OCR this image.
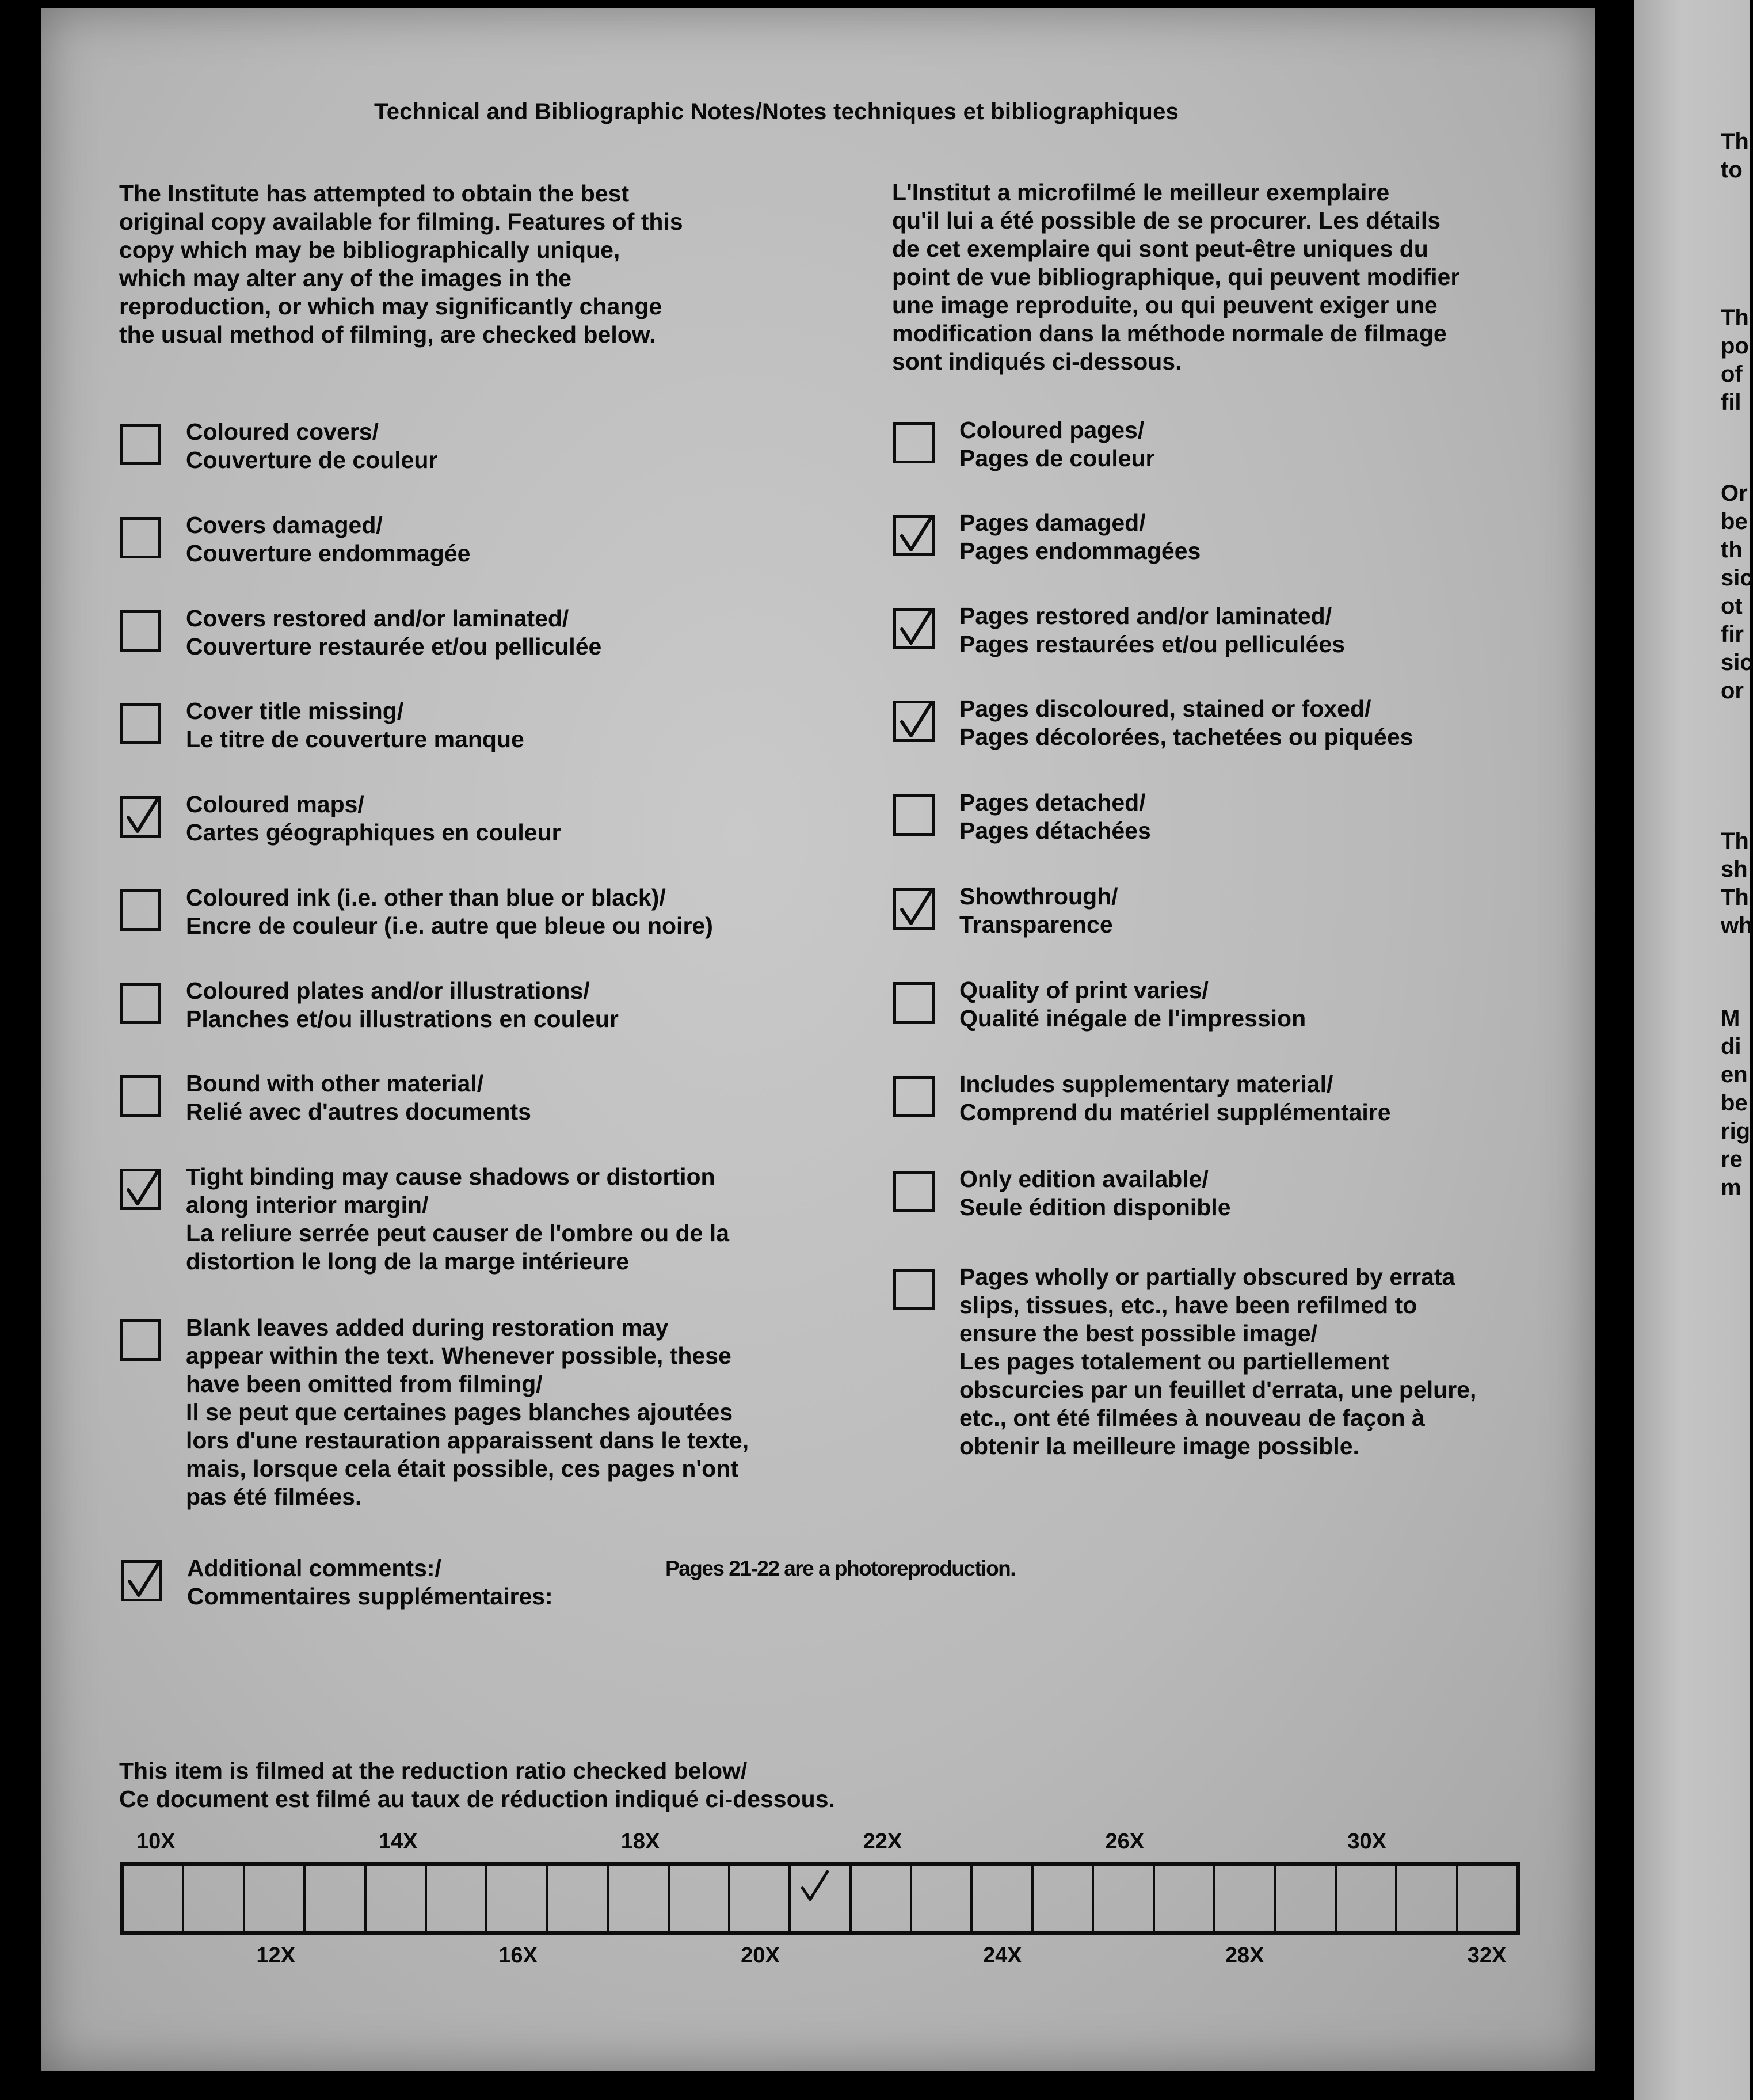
Technical and Bibliographic Notes/Notes techniques et bibliographiques
The Institute has attempted to obtain the best
original copy available for filming. Features of this
copy which may be bibliographically unique,
which may alter any of the images in the
reproduction, or which may significantly change
the usual method of filming, are checked below.
L'Institut a microfilmé le meilleur exemplaire
qu'il lui a été possible de se procurer. Les détails
de cet exemplaire qui sont peut-être uniques du
point de vue bibliographique, qui peuvent modifier
une image reproduite, ou qui peuvent exiger une
modification dans la méthode normale de filmage
sont indiqués ci-dessous.
Coloured covers/
Couverture de couleur
Covers damaged/
Couverture endommagée
Covers restored and/or laminated/
Couverture restaurée et/ou pelliculée
Cover title missing/
Le titre de couverture manque
Coloured maps/
Cartes géographiques en couleur
Coloured ink (i.e. other than blue or black)/
Encre de couleur (i.e. autre que bleue ou noire)
Coloured plates and/or illustrations/
Planches et/ou illustrations en couleur
Bound with other material/
Relié avec d'autres documents
Tight binding may cause shadows or distortion
along interior margin/
La reliure serrée peut causer de l'ombre ou de la
distortion le long de la marge intérieure
Blank leaves added during restoration may
appear within the text. Whenever possible, these
have been omitted from filming/
Il se peut que certaines pages blanches ajoutées
lors d'une restauration apparaissent dans le texte,
mais, lorsque cela était possible, ces pages n'ont
pas été filmées.
Coloured pages/
Pages de couleur
Pages damaged/
Pages endommagées
Pages restored and/or laminated/
Pages restaurées et/ou pelliculées
Pages discoloured, stained or foxed/
Pages décolorées, tachetées ou piquées
Pages detached/
Pages détachées
Showthrough/
Transparence
Quality of print varies/
Qualité inégale de l'impression
Includes supplementary material/
Comprend du matériel supplémentaire
Only edition available/
Seule édition disponible
Pages wholly or partially obscured by errata
slips, tissues, etc., have been refilmed to
ensure the best possible image/
Les pages totalement ou partiellement
obscurcies par un feuillet d'errata, une pelure,
etc., ont été filmées à nouveau de façon à
obtenir la meilleure image possible.
Additional comments:/
Commentaires supplémentaires:
Pages 21-22 are a photoreproduction.
This item is filmed at the reduction ratio checked below/
Ce document est filmé au taux de réduction indiqué ci-dessous.
10X	14X	18X	22X	26X	30X
12X	16X	20X	24X	28X	32X
Th
to
Th
po
of
fil
Or
be
th
sic
ot
fir
sic
or
Th
sh
Th
wh
M
di
en
be
rig
re
m
